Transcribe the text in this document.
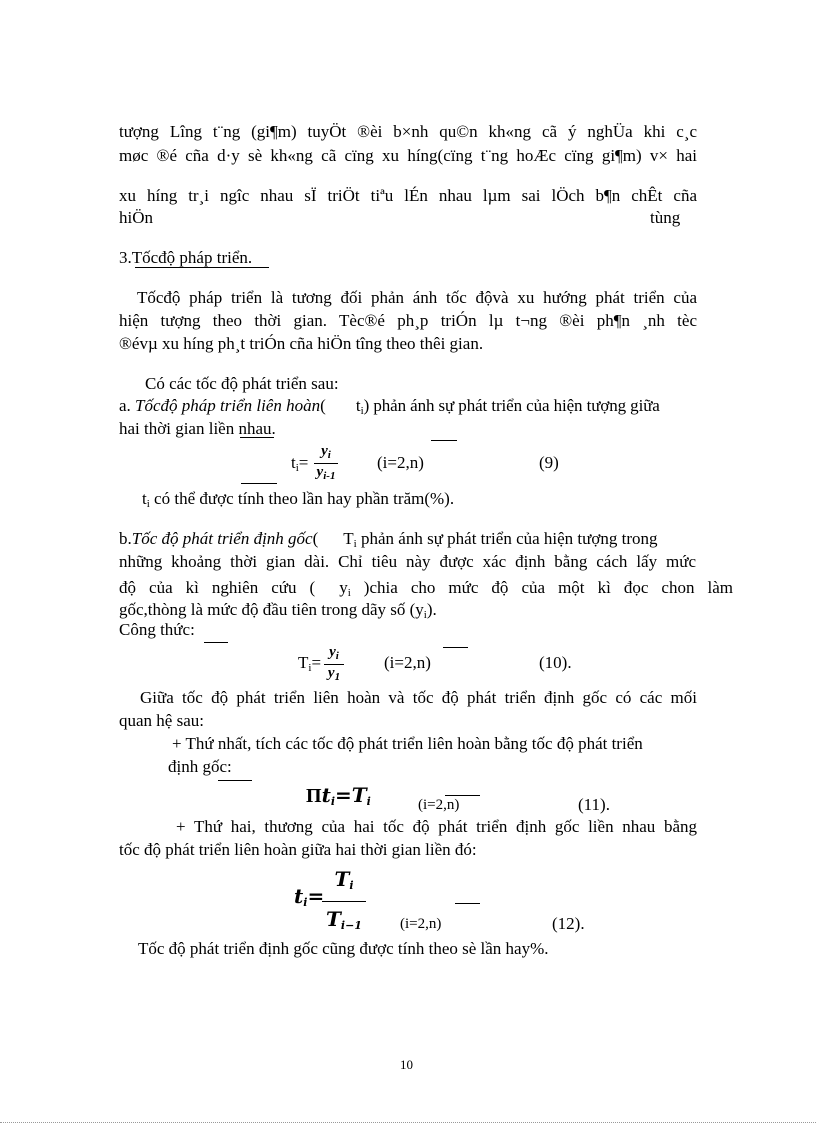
tượng Lîng t¨ng (gi¶m) tuyÖt ®èi b×nh qu©n kh«ng cã ý nghÜa khi c¸c
møc ®é cña d·y sè kh«ng cã cïng xu híng(cïng t¨ng hoÆc cïng gi¶m) v× hai
xu híng tr¸i ngîc nhau sÏ triÖt tiªu lÉn nhau lµm sai lÖch b¶n chÊt cña
hiÖn	tùng
3.Tốcđộ pháp triển.
Tốcđộ pháp triển là tương đối phản ánh tốc độvà xu hướng phát triển của
hiện tượng theo thời gian. Tèc®é ph¸p triÓn lµ t¬ng ®èi ph¶n ¸nh tèc
®évµ xu híng ph¸t triÓn cña hiÖn tîng theo thêi gian.
Có các tốc độ phát triển sau:
a. Tốcđộ pháp triển liên hoàn( $t_i$) phản ánh sự phát triển của hiện tượng giữa
hai thời gian liền nhau.
$t_i=$
$y_i$
$y_{i-1}$
(i=2,n)	(9)
$t_i$ có thể được tính theo lần hay phần trăm(%).
b.Tốc độ phát triển định gốc( $T_i$ phản ánh sự phát triển của hiện tượng trong
những khoảng thời gian dài. Chỉ tiêu này được xác định bằng cách lấy mức
độ của kì nghiên cứu ( $y_i$ )chia cho mức độ của một kì đọc chon làm
gốc,thòng là mức độ đầu tiên trong dãy số $(y_i)$.
Công thức:
$T_i=$
$y_i$
$y_1$
(i=2,n)	(10).
Giữa tốc độ phát triển liên hoàn và tốc độ phát triển định gốc có các mối
quan hệ sau:
+ Thứ nhất, tích các tốc độ phát triển liên hoàn bằng tốc độ phát triển
định gốc:
$\Pi t_i=T_i$	(i=2,n)	(11).
+ Thứ hai, thương của hai tốc độ phát triển định gốc liền nhau bằng
tốc độ phát triển liên hoàn giữa hai thời gian liền đó:
$t_i=$
$T_i$
$T_{i-1}$	(i=2,n)	(12).
Tốc độ phát triển định gốc cũng được tính theo sè lần hay%.
10
